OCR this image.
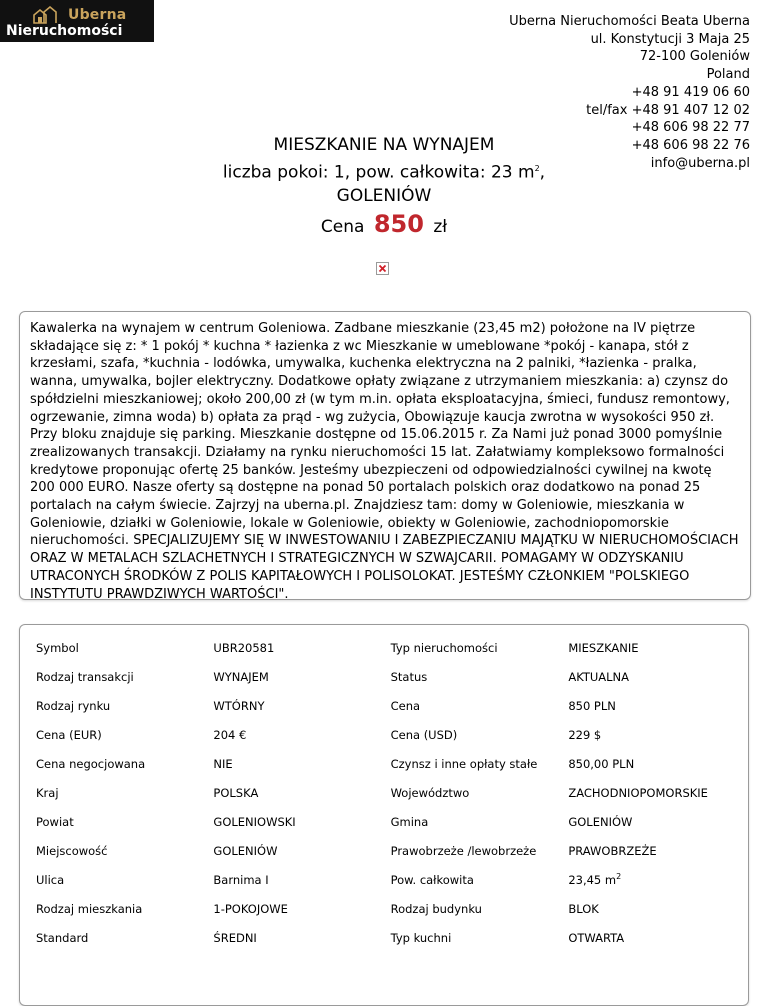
Uberna
Nieruchomości
Uberna Nieruchomości Beata Uberna
ul. Konstytucji 3 Maja 25
72-100 Goleniów
Poland
+48 91 419 06 60
tel/fax +48 91 407 12 02
+48 606 98 22 77
+48 606 98 22 76
info@uberna.pl
MIESZKANIE NA WYNAJEM
liczba pokoi: 1, pow. całkowita: 23 $m^2$,
GOLENIÓW
Cena 850 zł
Kawalerka na wynajem w centrum Goleniowa. Zadbane mieszkanie (23,45 m2) położone na IV piętrze składające się z: * 1 pokój * kuchna * łazienka z wc Mieszkanie w umeblowane *pokój - kanapa, stół z krzesłami, szafa, *kuchnia - lodówka, umywalka, kuchenka elektryczna na 2 palniki, *łazienka - pralka, wanna, umywalka, bojler elektryczny. Dodatkowe opłaty związane z utrzymaniem mieszkania: a) czynsz do spółdzielni mieszkaniowej; około 200,00 zł (w tym m.in. opłata eksploatacyjna, śmieci, fundusz remontowy, ogrzewanie, zimna woda) b) opłata za prąd - wg zużycia, Obowiązuje kaucja zwrotna w wysokości 950 zł. Przy bloku znajduje się parking. Mieszkanie dostępne od 15.06.2015 r. Za Nami już ponad 3000 pomyślnie zrealizowanych transakcji. Działamy na rynku nieruchomości 15 lat. Załatwiamy kompleksowo formalności kredytowe proponując ofertę 25 banków. Jesteśmy ubezpieczeni od odpowiedzialności cywilnej na kwotę 200 000 EURO. Nasze oferty są dostępne na ponad 50 portalach polskich oraz dodatkowo na ponad 25 portalach na całym świecie. Zajrzyj na uberna.pl. Znajdziesz tam: domy w Goleniowie, mieszkania w Goleniowie, działki w Goleniowie, lokale w Goleniowie, obiekty w Goleniowie, zachodniopomorskie nieruchomości. SPECJALIZUJEMY SIĘ W INWESTOWANIU I ZABEZPIECZANIU MAJĄTKU W NIERUCHOMOŚCIACH ORAZ W METALACH SZLACHETNYCH I STRATEGICZNYCH W SZWAJCARII. POMAGAMY W ODZYSKANIU UTRACONYCH ŚRODKÓW Z POLIS KAPITAŁOWYCH I POLISOLOKAT. JESTEŚMY CZŁONKIEM "POLSKIEGO INSTYTUTU PRAWDZIWYCH WARTOŚCI".
Symbol	UBR20581	Typ nieruchomości	MIESZKANIE
Rodzaj transakcji	WYNAJEM	Status	AKTUALNA
Rodzaj rynku	WTÓRNY	Cena	850 PLN
Cena (EUR)	204 €	Cena (USD)	229 $
Cena negocjowana	NIE	Czynsz i inne opłaty stałe	850,00 PLN
Kraj	POLSKA	Województwo	ZACHODNIOPOMORSKIE
Powiat	GOLENIOWSKI	Gmina	GOLENIÓW
Miejscowość	GOLENIÓW	Prawobrzeże /lewobrzeże	PRAWOBRZEŻE
Ulica	Barnima I	Pow. całkowita	23,45 $m^2$
Rodzaj mieszkania	1-POKOJOWE	Rodzaj budynku	BLOK
Standard	ŚREDNI	Typ kuchni	OTWARTA
